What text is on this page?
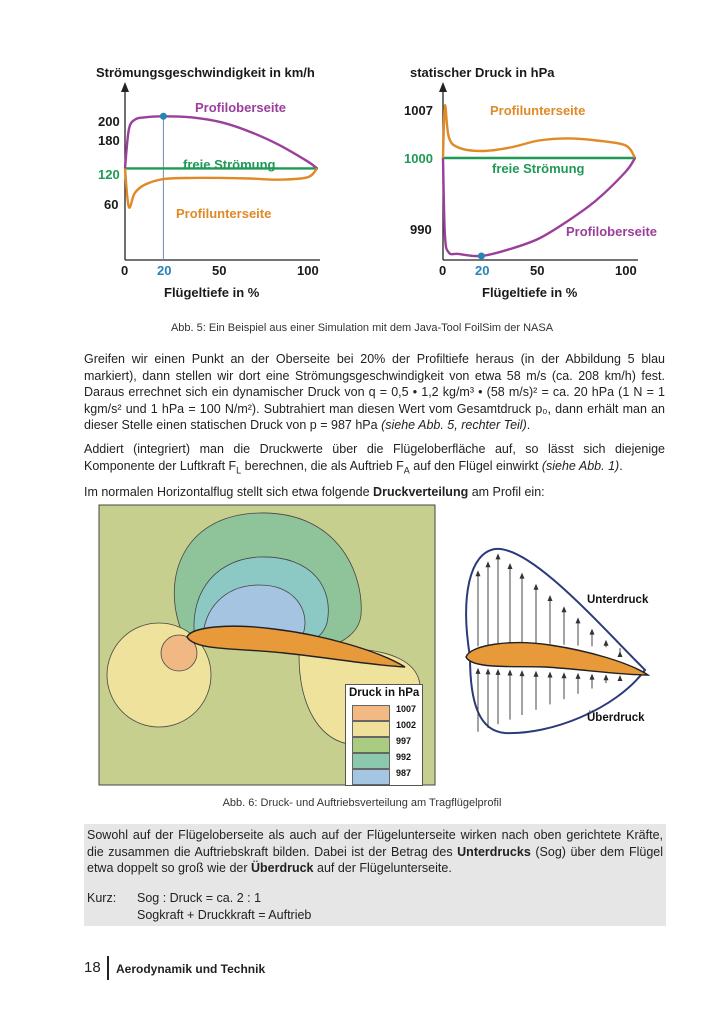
Strömungsgeschwindigkeit in km/h
200
180
120
60
0 20	50	100
Profiloberseite
freie Strömung
Profilunterseite
Flügeltiefe in %
statischer Druck in hPa
1007
1000
990
0 20	50	100
Profilunterseite
freie Strömung
Profiloberseite
Flügeltiefe in %
Abb. 5: Ein Beispiel aus einer Simulation mit dem Java-Tool FoilSim der NASA
Greifen wir einen Punkt an der Oberseite bei 20% der Profiltiefe heraus (in der Abbildung 5 blau markiert), dann stellen wir dort eine Strömungsgeschwindigkeit von etwa 58 m/s (ca. 208 km/h) fest. Daraus errechnet sich ein dynamischer Druck von q = 0,5 • 1,2 kg/m³ • (58 m/s)² = ca. 20 hPa (1 N = 1 kgm/s² und 1 hPa = 100 N/m²). Subtrahiert man diesen Wert vom Gesamtdruck p₀, dann erhält man an dieser Stelle einen statischen Druck von p = 987 hPa (siehe Abb. 5, rechter Teil).
Addiert (integriert) man die Druckwerte über die Flügeloberfläche auf, so lässt sich diejenige Komponente der Luftkraft $F_L$ berechnen, die als Auftrieb $F_A$ auf den Flügel einwirkt (siehe Abb. 1).
Im normalen Horizontalflug stellt sich etwa folgende Druckverteilung am Profil ein:
Druck in hPa
1007
1002
997
992
987
Unterdruck
Überdruck
Abb. 6: Druck- und Auftriebsverteilung am Tragflügelprofil
Sowohl auf der Flügeloberseite als auch auf der Flügelunterseite wirken nach oben gerichtete Kräfte, die zusammen die Auftriebskraft bilden. Dabei ist der Betrag des Unterdrucks (Sog) über dem Flügel etwa doppelt so groß wie der Überdruck auf der Flügelunterseite.
Kurz: Sog : Druck = ca. 2 : 1
Sogkraft + Druckkraft = Auftrieb
18 Aerodynamik und Technik
